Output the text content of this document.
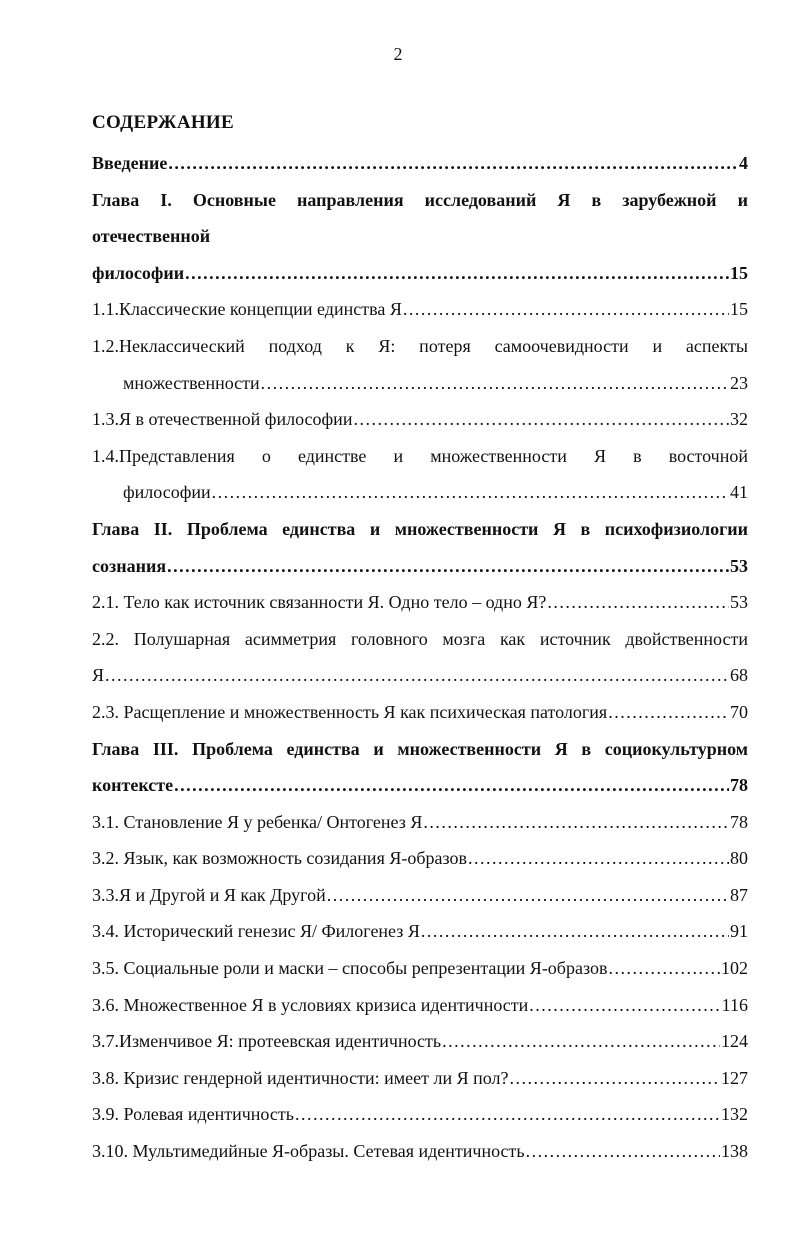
2
СОДЕРЖАНИЕ
Введение .....	4
Глава I. Основные направления исследований Я в зарубежной и
отечественной
философии .....	15
1.1.Классические концепции единства Я .....	15
1.2.Неклассический подход к Я: потеря самоочевидности и аспекты
множественности .....	23
1.3.Я в отечественной философии .....	32
1.4.Представления о единстве и множественности Я в восточной
философии .....	41
Глава II. Проблема единства и множественности Я в психофизиологии
сознания .....	53
2.1. Тело как источник связанности Я. Одно тело – одно Я? .....	53
2.2. Полушарная асимметрия головного мозга как источник двойственности
Я .....	68
2.3. Расщепление и множественность Я как психическая патология .....	70
Глава III. Проблема единства и множественности Я в социокультурном
контексте .....	78
3.1. Становление Я у ребенка/ Онтогенез Я .....	78
3.2. Язык, как возможность созидания Я-образов .....	80
3.3.Я и Другой и Я как Другой .....	87
3.4. Исторический генезис Я/ Филогенез Я .....	91
3.5. Социальные роли и маски – способы репрезентации Я-образов .....	102
3.6. Множественное Я в условиях кризиса идентичности .....	116
3.7.Изменчивое Я: протеевская идентичность .....	124
3.8. Кризис гендерной идентичности: имеет ли Я пол? .....	127
3.9. Ролевая идентичность .....	132
3.10. Мультимедийные Я-образы. Сетевая идентичность .....	138
